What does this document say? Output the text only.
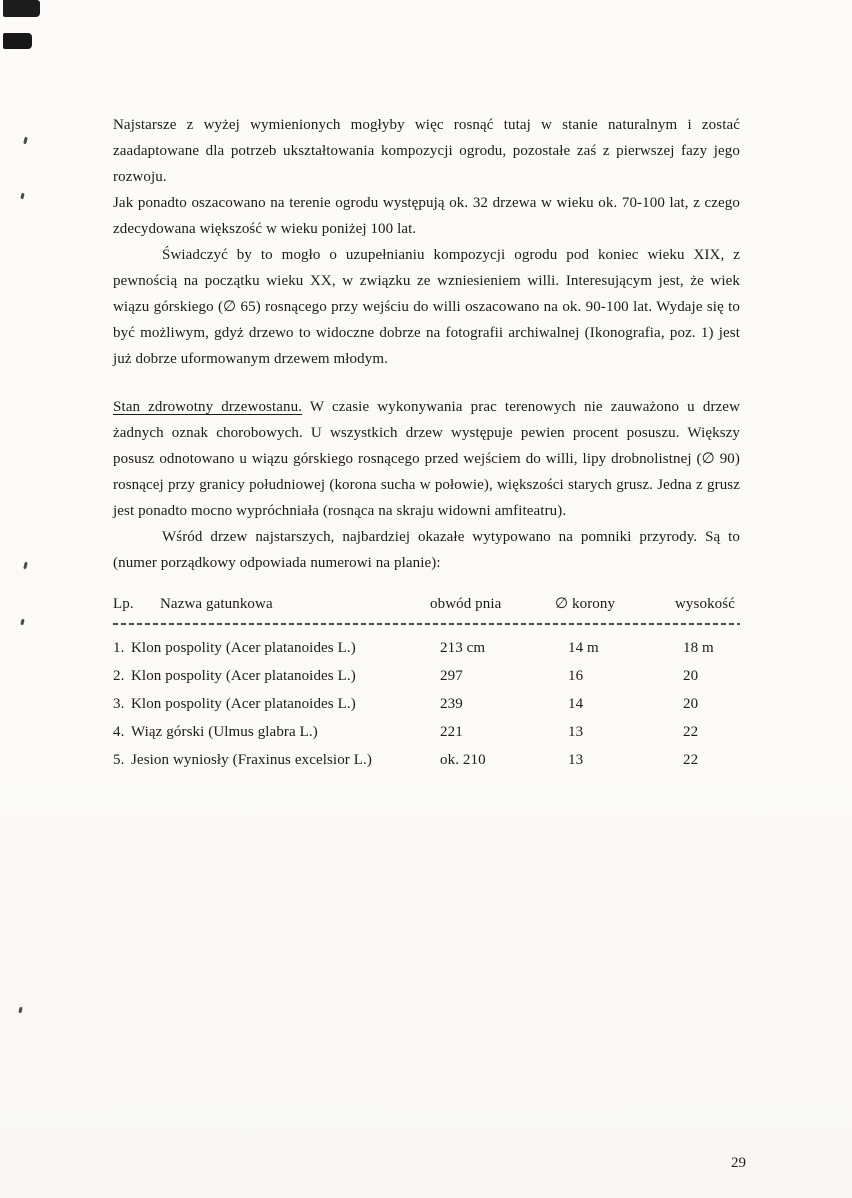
Najstarsze z wyżej wymienionych mogłyby więc rosnąć tutaj w stanie naturalnym i zostać zaadaptowane dla potrzeb ukształtowania kompozycji ogrodu, pozostałe zaś z pierwszej fazy jego rozwoju.

Jak ponadto oszacowano na terenie ogrodu występują ok. 32 drzewa w wieku ok. 70-100 lat, z czego zdecydowana większość w wieku poniżej 100 lat.

Świadczyć by to mogło o uzupełnianiu kompozycji ogrodu pod koniec wieku XIX, z pewnością na początku wieku XX, w związku ze wzniesieniem willi. Interesującym jest, że wiek wiązu górskiego (∅ 65) rosnącego przy wejściu do willi oszacowano na ok. 90-100 lat. Wydaje się to być możliwym, gdyż drzewo to widoczne dobrze na fotografii archiwalnej (Ikonografia, poz. 1) jest już dobrze uformowanym drzewem młodym.

Stan zdrowotny drzewostanu. W czasie wykonywania prac terenowych nie zauważono u drzew żadnych oznak chorobowych. U wszystkich drzew występuje pewien procent posuszu. Większy posusz odnotowano u wiązu górskiego rosnącego przed wejściem do willi, lipy drobnolistnej (∅ 90) rosnącej przy granicy południowej (korona sucha w połowie), większości starych grusz. Jedna z grusz jest ponadto mocno wypróchniała (rosnąca na skraju widowni amfiteatru).

Wśród drzew najstarszych, najbardziej okazałe wytypowano na pomniki przyrody. Są to (numer porządkowy odpowiada numerowi na planie):

Lp.	Nazwa gatunkowa	obwód pnia	∅ korony	wysokość
1. Klon pospolity (Acer platanoides L.)	213 cm	14 m	18 m
2. Klon pospolity (Acer platanoides L.)	297	16	20
3. Klon pospolity (Acer platanoides L.)	239	14	20
4. Wiąz górski (Ulmus glabra L.)	221	13	22
5. Jesion wyniosły (Fraxinus excelsior L.)	ok. 210	13	22
29
